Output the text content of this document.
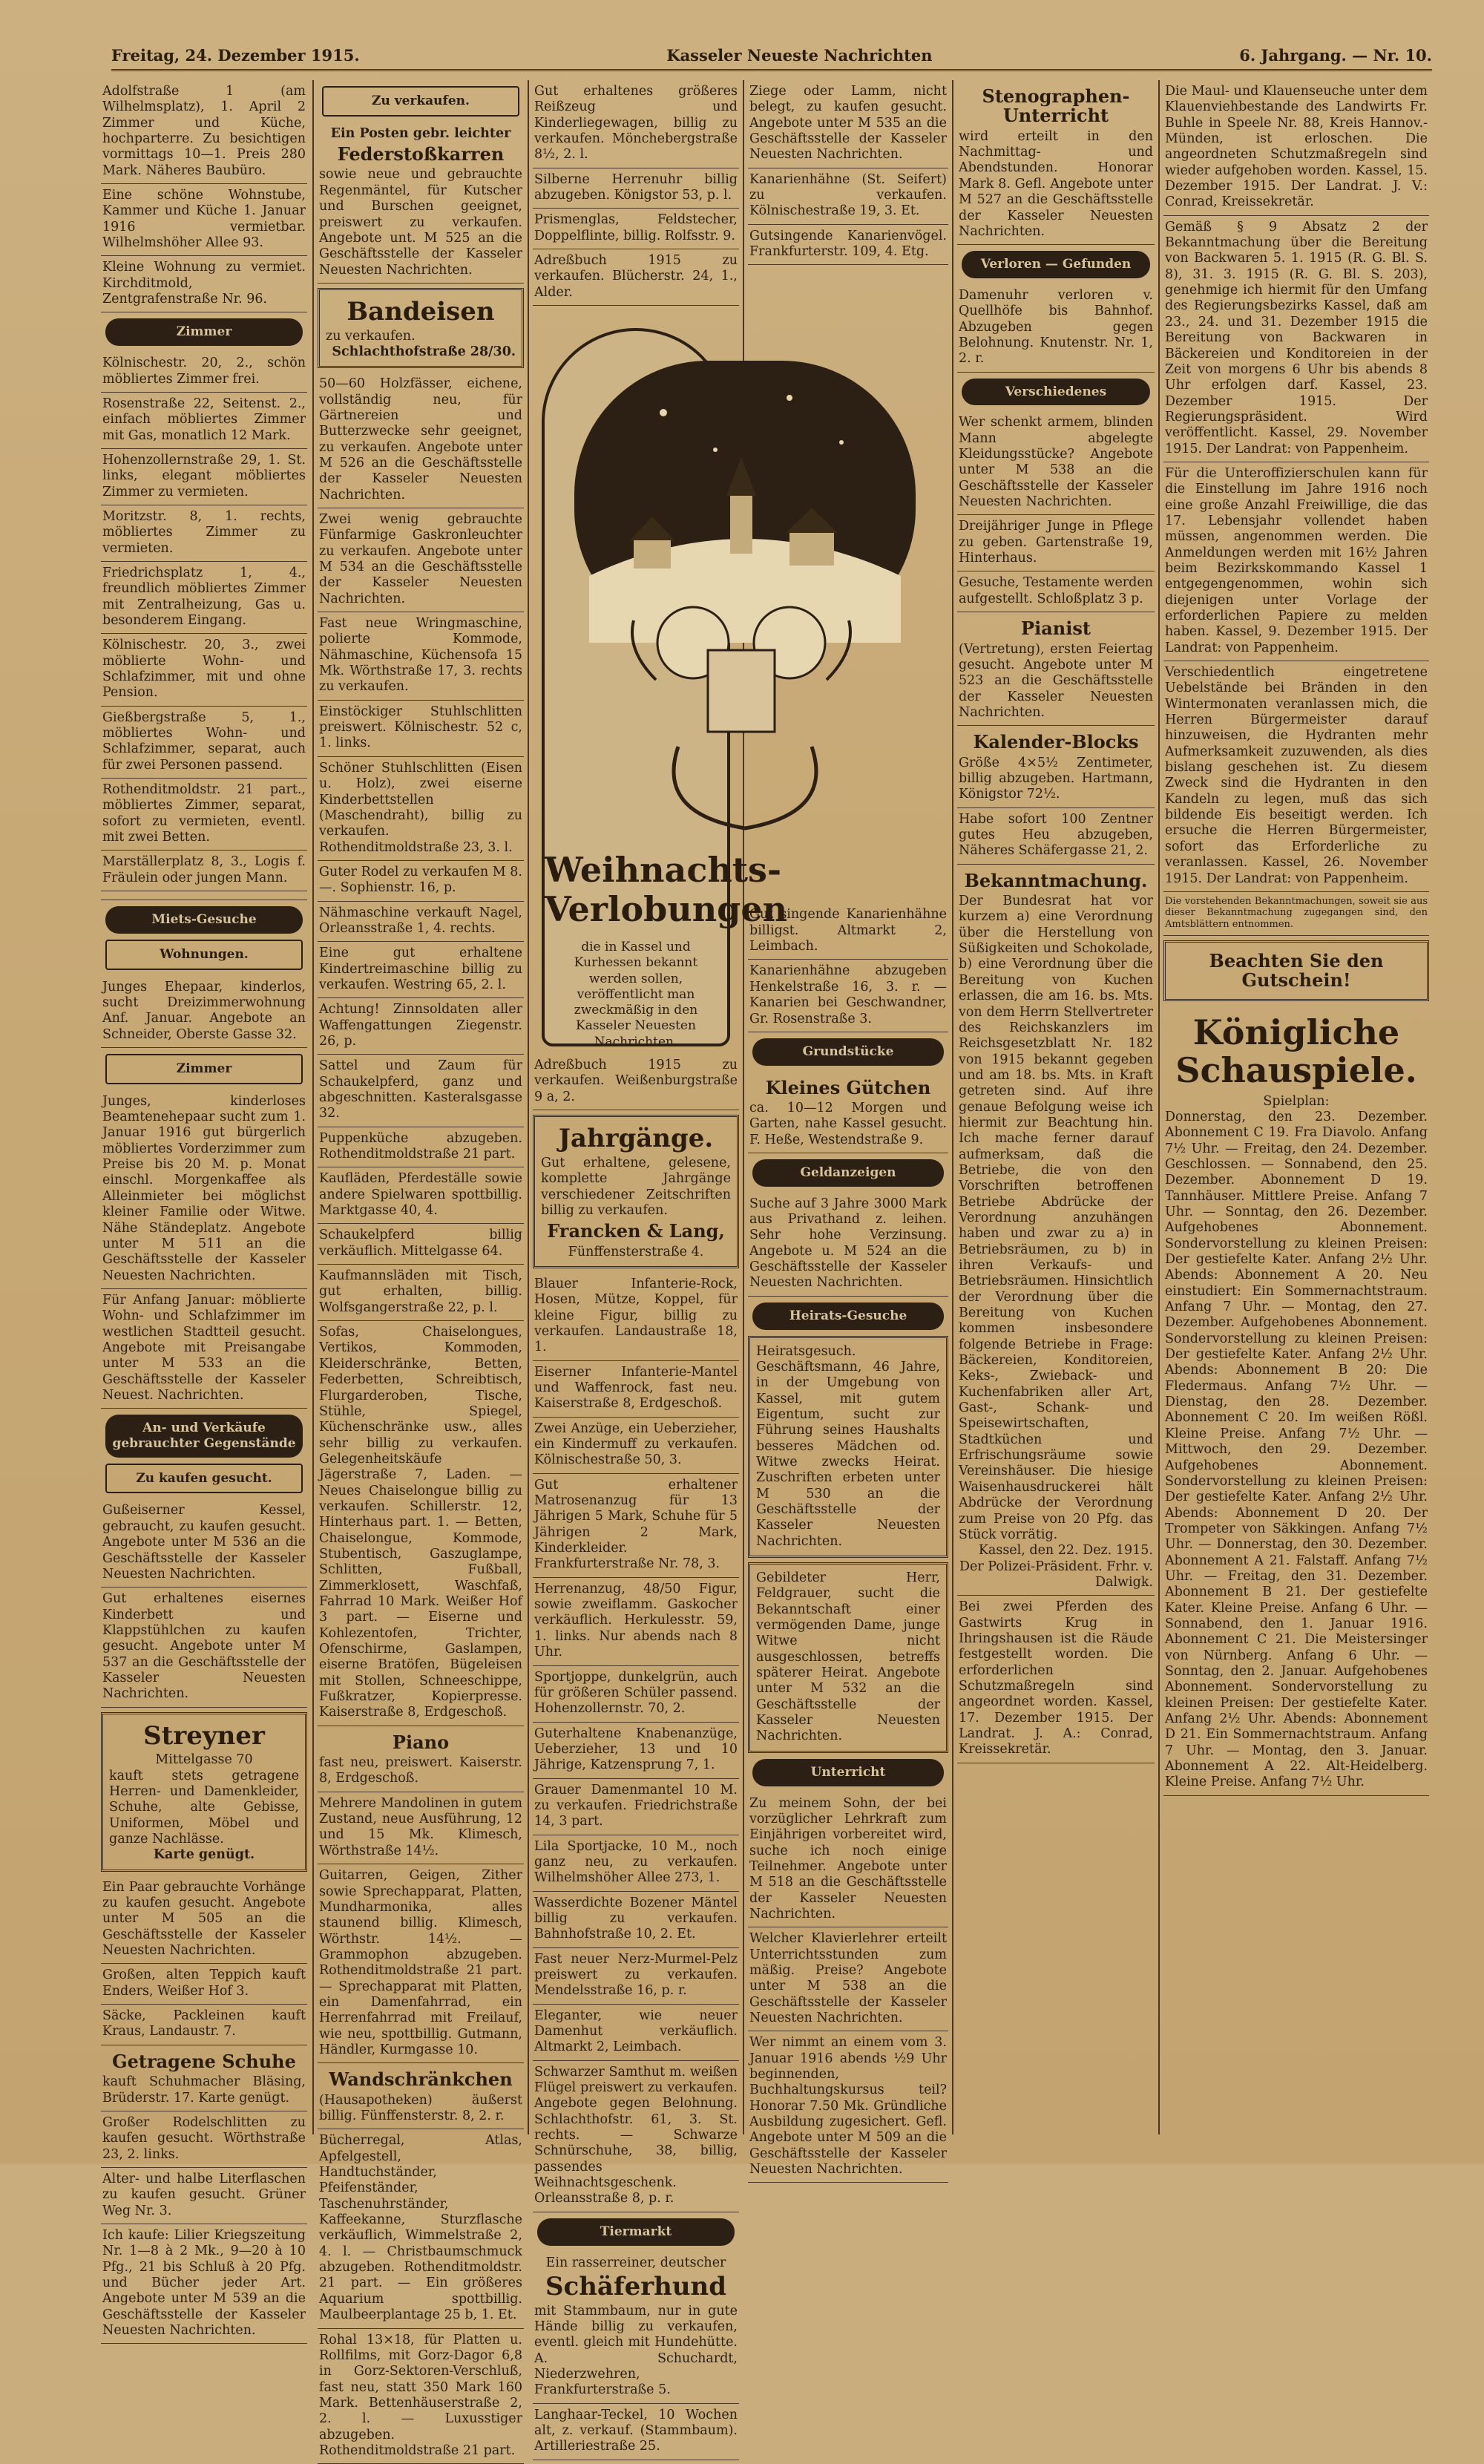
Freitag, 24. Dezember 1915.	Kasseler Neueste Nachrichten	6. Jahrgang. — Nr. 10.
Adolfstraße 1 (am Wilhelmsplatz), 1. April 2 Zimmer und Küche, hochparterre. Zu besichtigen vormittags 10—1. Preis 280 Mark. Näheres Baubüro.
Eine schöne Wohnstube, Kammer und Küche 1. Januar 1916 vermietbar. Wilhelmshöher Allee 93.
Kleine Wohnung zu vermiet. Kirchditmold, Zentgrafenstraße Nr. 96.
Zimmer
Kölnischestr. 20, 2., schön möbliertes Zimmer frei.
Rosenstraße 22, Seitenst. 2., einfach möbliertes Zimmer mit Gas, monatlich 12 Mark.
Hohenzollernstraße 29, 1. St. links, elegant möbliertes Zimmer zu vermieten.
Moritzstr. 8, 1. rechts, möbliertes Zimmer zu vermieten.
Friedrichsplatz 1, 4., freundlich möbliertes Zimmer mit Zentralheizung, Gas u. besonderem Eingang.
Kölnischestr. 20, 3., zwei möblierte Wohn- und Schlafzimmer, mit und ohne Pension.
Gießbergstraße 5, 1., möbliertes Wohn- und Schlafzimmer, separat, auch für zwei Personen passend.
Rothenditmoldstr. 21 part., möbliertes Zimmer, separat, sofort zu vermieten, eventl. mit zwei Betten.
Marställerplatz 8, 3., Logis f. Fräulein oder jungen Mann.
Miets-Gesuche
Wohnungen.
Junges Ehepaar, kinderlos, sucht Dreizimmerwohnung Anf. Januar. Angebote an Schneider, Oberste Gasse 32.
Zimmer
Junges, kinderloses Beamtenehepaar sucht zum 1. Januar 1916 gut bürgerlich möbliertes Vorderzimmer zum Preise bis 20 M. p. Monat einschl. Morgenkaffee als Alleinmieter bei möglichst kleiner Familie oder Witwe. Nähe Ständeplatz. Angebote unter M 511 an die Geschäftsstelle der Kasseler Neuesten Nachrichten.
Für Anfang Januar: möblierte Wohn- und Schlafzimmer im westlichen Stadtteil gesucht. Angebote mit Preisangabe unter M 533 an die Geschäftsstelle der Kasseler Neuest. Nachrichten.
An- und Verkäufe gebrauchter Gegenstände
Zu kaufen gesucht.
Gußeiserner Kessel, gebraucht, zu kaufen gesucht. Angebote unter M 536 an die Geschäftsstelle der Kasseler Neuesten Nachrichten.
Gut erhaltenes eisernes Kinderbett und Klappstühlchen zu kaufen gesucht. Angebote unter M 537 an die Geschäftsstelle der Kasseler Neuesten Nachrichten.
Streyner
Mittelgasse 70
kauft stets getragene Herren- und Damenkleider, Schuhe, alte Gebisse, Uniformen, Möbel und ganze Nachlässe.
Karte genügt.
Ein Paar gebrauchte Vorhänge zu kaufen gesucht. Angebote unter M 505 an die Geschäftsstelle der Kasseler Neuesten Nachrichten.
Großen, alten Teppich kauft Enders, Weißer Hof 3.
Säcke, Packleinen kauft Kraus, Landaustr. 7.
Getragene Schuhe
kauft Schuhmacher Bläsing, Brüderstr. 17. Karte genügt.
Großer Rodelschlitten zu kaufen gesucht. Wörthstraße 23, 2. links.
Alter- und halbe Literflaschen zu kaufen gesucht. Grüner Weg Nr. 3.
Ich kaufe: Lilier Kriegszeitung Nr. 1—8 à 2 Mk., 9—20 à 10 Pfg., 21 bis Schluß à 20 Pfg. und Bücher jeder Art. Angebote unter M 539 an die Geschäftsstelle der Kasseler Neuesten Nachrichten.
Zu verkaufen.
Ein Posten gebr. leichter
Federstoßkarren
sowie neue und gebrauchte Regenmäntel, für Kutscher und Burschen geeignet, preiswert zu verkaufen. Angebote unt. M 525 an die Geschäftsstelle der Kasseler Neuesten Nachrichten.
Bandeisen
zu verkaufen.
Schlachthofstraße 28/30.
50—60 Holzfässer, eichene, vollständig neu, für Gärtnereien und Butterzwecke sehr geeignet, zu verkaufen. Angebote unter M 526 an die Geschäftsstelle der Kasseler Neuesten Nachrichten.
Zwei wenig gebrauchte Fünfarmige Gaskronleuchter zu verkaufen. Angebote unter M 534 an die Geschäftsstelle der Kasseler Neuesten Nachrichten.
Fast neue Wringmaschine, polierte Kommode, Nähmaschine, Küchensofa 15 Mk. Wörthstraße 17, 3. rechts zu verkaufen.
Einstöckiger Stuhlschlitten preiswert. Kölnischestr. 52 c, 1. links.
Schöner Stuhlschlitten (Eisen u. Holz), zwei eiserne Kinderbettstellen (Maschendraht), billig zu verkaufen. Rothenditmoldstraße 23, 3. l.
Guter Rodel zu verkaufen M 8.—. Sophienstr. 16, p.
Nähmaschine verkauft Nagel, Orleansstraße 1, 4. rechts.
Eine gut erhaltene Kindertreimaschine billig zu verkaufen. Westring 65, 2. l.
Achtung! Zinnsoldaten aller Waffengattungen Ziegenstr. 26, p.
Sattel und Zaum für Schaukelpferd, ganz und abgeschnitten. Kasteralsgasse 32.
Puppenküche abzugeben. Rothenditmoldstraße 21 part.
Kaufläden, Pferdeställe sowie andere Spielwaren spottbillig. Marktgasse 40, 4.
Schaukelpferd billig verkäuflich. Mittelgasse 64.
Kaufmannsläden mit Tisch, gut erhalten, billig. Wolfsgangerstraße 22, p. l.
Sofas, Chaiselongues, Vertikos, Kommoden, Kleiderschränke, Betten, Federbetten, Schreibtisch, Flurgarderoben, Tische, Stühle, Spiegel, Küchenschränke usw., alles sehr billig zu verkaufen. Gelegenheitskäufe Jägerstraße 7, Laden. — Neues Chaiselongue billig zu verkaufen. Schillerstr. 12, Hinterhaus part. 1. — Betten, Chaiselongue, Kommode, Stubentisch, Gaszuglampe, Schlitten, Fußball, Zimmerklosett, Waschfaß, Fahrrad 10 Mark. Weißer Hof 3 part. — Eiserne und Kohlezentofen, Trichter, Ofenschirme, Gaslampen, eiserne Bratöfen, Bügeleisen mit Stollen, Schneeschippe, Fußkratzer, Kopierpresse. Kaiserstraße 8, Erdgeschoß.
Piano
fast neu, preiswert. Kaiserstr. 8, Erdgeschoß.
Mehrere Mandolinen in gutem Zustand, neue Ausführung, 12 und 15 Mk. Klimesch, Wörthstraße 14½.
Guitarren, Geigen, Zither sowie Sprechapparat, Platten, Mundharmonika, alles staunend billig. Klimesch, Wörthstr. 14½. — Grammophon abzugeben. Rothenditmoldstraße 21 part. — Sprechapparat mit Platten, ein Damenfahrrad, ein Herrenfahrrad mit Freilauf, wie neu, spottbillig. Gutmann, Händler, Kurmgasse 10.
Wandschränkchen
(Hausapotheken) äußerst billig. Fünffensterstr. 8, 2. r.
Bücherregal, Atlas, Apfelgestell, Handtuchständer, Pfeifenständer, Taschenuhrständer, Kaffeekanne, Sturzflasche verkäuflich, Wimmelstraße 2, 4. l. — Christbaumschmuck abzugeben. Rothenditmoldstr. 21 part. — Ein größeres Aquarium spottbillig. Maulbeerplantage 25 b, 1. Et.
Rohal 13×18, für Platten u. Rollfilms, mit Gorz-Dagor 6,8 in Gorz-Sektoren-Verschluß, fast neu, statt 350 Mark 160 Mark. Bettenhäuserstraße 2, 2. l. — Luxusstiger abzugeben. Rothenditmoldstraße 21 part.
Gut erhaltenes größeres Reißzeug und Kinderliegewagen, billig zu verkaufen. Mönchebergstraße 8½, 2. l.
Silberne Herrenuhr billig abzugeben. Königstor 53, p. l.
Prismenglas, Feldstecher, Doppelflinte, billig. Rolfsstr. 9.
Adreßbuch 1915 zu verkaufen. Blücherstr. 24, 1., Alder.
Weihnachts-Verlobungen
die in Kassel und Kurhessen bekannt werden sollen, veröffentlicht man zweckmäßig in den Kasseler Neuesten Nachrichten.
Adreßbuch 1915 zu verkaufen. Weißenburgstraße 9 a, 2.
Jahrgänge.
Gut erhaltene, gelesene, komplette Jahrgänge verschiedener Zeitschriften billig zu verkaufen.
Francken & Lang,
Fünffensterstraße 4.
Blauer Infanterie-Rock, Hosen, Mütze, Koppel, für kleine Figur, billig zu verkaufen. Landaustraße 18, 1.
Eiserner Infanterie-Mantel und Waffenrock, fast neu. Kaiserstraße 8, Erdgeschoß.
Zwei Anzüge, ein Ueberzieher, ein Kindermuff zu verkaufen. Kölnischestraße 50, 3.
Gut erhaltener Matrosenanzug für 13 Jährigen 5 Mark, Schuhe für 5 Jährigen 2 Mark, Kinderkleider. Frankfurterstraße Nr. 78, 3.
Herrenanzug, 48/50 Figur, sowie zweiflamm. Gaskocher verkäuflich. Herkulesstr. 59, 1. links. Nur abends nach 8 Uhr.
Sportjoppe, dunkelgrün, auch für größeren Schüler passend. Hohenzollernstr. 70, 2.
Guterhaltene Knabenanzüge, Ueberzieher, 13 und 10 Jährige, Katzensprung 7, 1.
Grauer Damenmantel 10 M. zu verkaufen. Friedrichstraße 14, 3 part.
Lila Sportjacke, 10 M., noch ganz neu, zu verkaufen. Wilhelmshöher Allee 273, 1.
Wasserdichte Bozener Mäntel billig zu verkaufen. Bahnhofstraße 10, 2. Et.
Fast neuer Nerz-Murmel-Pelz preiswert zu verkaufen. Mendelsstraße 16, p. r.
Eleganter, wie neuer Damenhut verkäuflich. Altmarkt 2, Leimbach.
Schwarzer Samthut m. weißen Flügel preiswert zu verkaufen. Angebote gegen Belohnung. Schlachthofstr. 61, 3. St. rechts. — Schwarze Schnürschuhe, 38, billig, passendes Weihnachtsgeschenk. Orleansstraße 8, p. r.
Tiermarkt
Ein rasserreiner, deutscher
Schäferhund
mit Stammbaum, nur in gute Hände billig zu verkaufen, eventl. gleich mit Hundehütte. A. Schuchardt, Niederzwehren, Frankfurterstraße 5.
Langhaar-Teckel, 10 Wochen alt, z. verkauf. (Stammbaum). Artilleriestraße 25.
Ziege oder Lamm, nicht belegt, zu kaufen gesucht. Angebote unter M 535 an die Geschäftsstelle der Kasseler Neuesten Nachrichten.
Kanarienhähne (St. Seifert) zu verkaufen. Kölnischestraße 19, 3. Et.
Gutsingende Kanarienvögel. Frankfurterstr. 109, 4. Etg.
Gut singende Kanarienhähne billigst. Altmarkt 2, Leimbach.
Kanarienhähne abzugeben Henkelstraße 16, 3. r. — Kanarien bei Geschwandner, Gr. Rosenstraße 3.
Grundstücke
Kleines Gütchen
ca. 10—12 Morgen und Garten, nahe Kassel gesucht. F. Heße, Westendstraße 9.
Geldanzeigen
Suche auf 3 Jahre 3000 Mark aus Privathand z. leihen. Sehr hohe Verzinsung. Angebote u. M 524 an die Geschäftsstelle der Kasseler Neuesten Nachrichten.
Heirats-Gesuche
Heiratsgesuch. Geschäftsmann, 46 Jahre, in der Umgebung von Kassel, mit gutem Eigentum, sucht zur Führung seines Haushalts besseres Mädchen od. Witwe zwecks Heirat. Zuschriften erbeten unter M 530 an die Geschäftsstelle der Kasseler Neuesten Nachrichten.
Gebildeter Herr, Feldgrauer, sucht die Bekanntschaft einer vermögenden Dame, junge Witwe nicht ausgeschlossen, betreffs späterer Heirat. Angebote unter M 532 an die Geschäftsstelle der Kasseler Neuesten Nachrichten.
Unterricht
Zu meinem Sohn, der bei vorzüglicher Lehrkraft zum Einjährigen vorbereitet wird, suche ich noch einige Teilnehmer. Angebote unter M 518 an die Geschäftsstelle der Kasseler Neuesten Nachrichten.
Welcher Klavierlehrer erteilt Unterrichtsstunden zum mäßig. Preise? Angebote unter M 538 an die Geschäftsstelle der Kasseler Neuesten Nachrichten.
Wer nimmt an einem vom 3. Januar 1916 abends ½9 Uhr beginnenden, Buchhaltungskursus teil? Honorar 7.50 Mk. Gründliche Ausbildung zugesichert. Gefl. Angebote unter M 509 an die Geschäftsstelle der Kasseler Neuesten Nachrichten.
Stenographen-Unterricht
wird erteilt in den Nachmittag- und Abendstunden. Honorar Mark 8. Gefl. Angebote unter M 527 an die Geschäftsstelle der Kasseler Neuesten Nachrichten.
Verloren — Gefunden
Damenuhr verloren v. Quellhöfe bis Bahnhof. Abzugeben gegen Belohnung. Knutenstr. Nr. 1, 2. r.
Verschiedenes
Wer schenkt armem, blinden Mann abgelegte Kleidungsstücke? Angebote unter M 538 an die Geschäftsstelle der Kasseler Neuesten Nachrichten.
Dreijähriger Junge in Pflege zu geben. Gartenstraße 19, Hinterhaus.
Gesuche, Testamente werden aufgestellt. Schloßplatz 3 p.
Pianist
(Vertretung), ersten Feiertag gesucht. Angebote unter M 523 an die Geschäftsstelle der Kasseler Neuesten Nachrichten.
Kalender-Blocks
Größe 4×5½ Zentimeter, billig abzugeben. Hartmann, Königstor 72½.
Habe sofort 100 Zentner gutes Heu abzugeben, Näheres Schäfergasse 21, 2.
Bekanntmachung.
Der Bundesrat hat vor kurzem a) eine Verordnung über die Herstellung von Süßigkeiten und Schokolade, b) eine Verordnung über die Bereitung von Kuchen erlassen, die am 16. bs. Mts. von dem Herrn Stellvertreter des Reichskanzlers im Reichsgesetzblatt Nr. 182 von 1915 bekannt gegeben und am 18. bs. Mts. in Kraft getreten sind. Auf ihre genaue Befolgung weise ich hiermit zur Beachtung hin. Ich mache ferner darauf aufmerksam, daß die Betriebe, die von den Vorschriften betroffenen Betriebe Abdrücke der Verordnung anzuhängen haben und zwar zu a) in Betriebsräumen, zu b) in ihren Verkaufs- und Betriebsräumen. Hinsichtlich der Verordnung über die Bereitung von Kuchen kommen insbesondere folgende Betriebe in Frage: Bäckereien, Konditoreien, Keks-, Zwieback- und Kuchenfabriken aller Art, Gast-, Schank- und Speisewirtschaften, Stadtküchen und Erfrischungsräume sowie Vereinshäuser. Die hiesige Waisenhausdruckerei hält Abdrücke der Verordnung zum Preise von 20 Pfg. das Stück vorrätig.
Kassel, den 22. Dez. 1915. Der Polizei-Präsident. Frhr. v. Dalwigk.
Bei zwei Pferden des Gastwirts Krug in Ihringshausen ist die Räude festgestellt worden. Die erforderlichen Schutzmaßregeln sind angeordnet worden. Kassel, 17. Dezember 1915. Der Landrat. J. A.: Conrad, Kreissekretär.
Die Maul- und Klauenseuche unter dem Klauenviehbestande des Landwirts Fr. Buhle in Speele Nr. 88, Kreis Hannov.-Münden, ist erloschen. Die angeordneten Schutzmaßregeln sind wieder aufgehoben worden. Kassel, 15. Dezember 1915. Der Landrat. J. V.: Conrad, Kreissekretär.
Gemäß § 9 Absatz 2 der Bekanntmachung über die Bereitung von Backwaren 5. 1. 1915 (R. G. Bl. S. 8), 31. 3. 1915 (R. G. Bl. S. 203), genehmige ich hiermit für den Umfang des Regierungsbezirks Kassel, daß am 23., 24. und 31. Dezember 1915 die Bereitung von Backwaren in Bäckereien und Konditoreien in der Zeit von morgens 6 Uhr bis abends 8 Uhr erfolgen darf. Kassel, 23. Dezember 1915. Der Regierungspräsident. Wird veröffentlicht. Kassel, 29. November 1915. Der Landrat: von Pappenheim.
Für die Unteroffizierschulen kann für die Einstellung im Jahre 1916 noch eine große Anzahl Freiwillige, die das 17. Lebensjahr vollendet haben müssen, angenommen werden. Die Anmeldungen werden mit 16½ Jahren beim Bezirkskommando Kassel 1 entgegengenommen, wohin sich diejenigen unter Vorlage der erforderlichen Papiere zu melden haben. Kassel, 9. Dezember 1915. Der Landrat: von Pappenheim.
Verschiedentlich eingetretene Uebelstände bei Bränden in den Wintermonaten veranlassen mich, die Herren Bürgermeister darauf hinzuweisen, die Hydranten mehr Aufmerksamkeit zuzuwenden, als dies bislang geschehen ist. Zu diesem Zweck sind die Hydranten in den Kandeln zu legen, muß das sich bildende Eis beseitigt werden. Ich ersuche die Herren Bürgermeister, sofort das Erforderliche zu veranlassen. Kassel, 26. November 1915. Der Landrat: von Pappenheim.
Die vorstehenden Bekanntmachungen, soweit sie aus dieser Bekanntmachung zugegangen sind, den Amtsblättern entnommen.
Beachten Sie den Gutschein!
Königliche Schauspiele.
Spielplan:
Donnerstag, den 23. Dezember. Abonnement C 19. Fra Diavolo. Anfang 7½ Uhr. — Freitag, den 24. Dezember. Geschlossen. — Sonnabend, den 25. Dezember. Abonnement D 19. Tannhäuser. Mittlere Preise. Anfang 7 Uhr. — Sonntag, den 26. Dezember. Aufgehobenes Abonnement. Sondervorstellung zu kleinen Preisen: Der gestiefelte Kater. Anfang 2½ Uhr. Abends: Abonnement A 20. Neu einstudiert: Ein Sommernachtstraum. Anfang 7 Uhr. — Montag, den 27. Dezember. Aufgehobenes Abonnement. Sondervorstellung zu kleinen Preisen: Der gestiefelte Kater. Anfang 2½ Uhr. Abends: Abonnement B 20: Die Fledermaus. Anfang 7½ Uhr. — Dienstag, den 28. Dezember. Abonnement C 20. Im weißen Rößl. Kleine Preise. Anfang 7½ Uhr. — Mittwoch, den 29. Dezember. Aufgehobenes Abonnement. Sondervorstellung zu kleinen Preisen: Der gestiefelte Kater. Anfang 2½ Uhr. Abends: Abonnement D 20. Der Trompeter von Säkkingen. Anfang 7½ Uhr. — Donnerstag, den 30. Dezember. Abonnement A 21. Falstaff. Anfang 7½ Uhr. — Freitag, den 31. Dezember. Abonnement B 21. Der gestiefelte Kater. Kleine Preise. Anfang 6 Uhr. — Sonnabend, den 1. Januar 1916. Abonnement C 21. Die Meistersinger von Nürnberg. Anfang 6 Uhr. — Sonntag, den 2. Januar. Aufgehobenes Abonnement. Sondervorstellung zu kleinen Preisen: Der gestiefelte Kater. Anfang 2½ Uhr. Abends: Abonnement D 21. Ein Sommernachtstraum. Anfang 7 Uhr. — Montag, den 3. Januar. Abonnement A 22. Alt-Heidelberg. Kleine Preise. Anfang 7½ Uhr.
